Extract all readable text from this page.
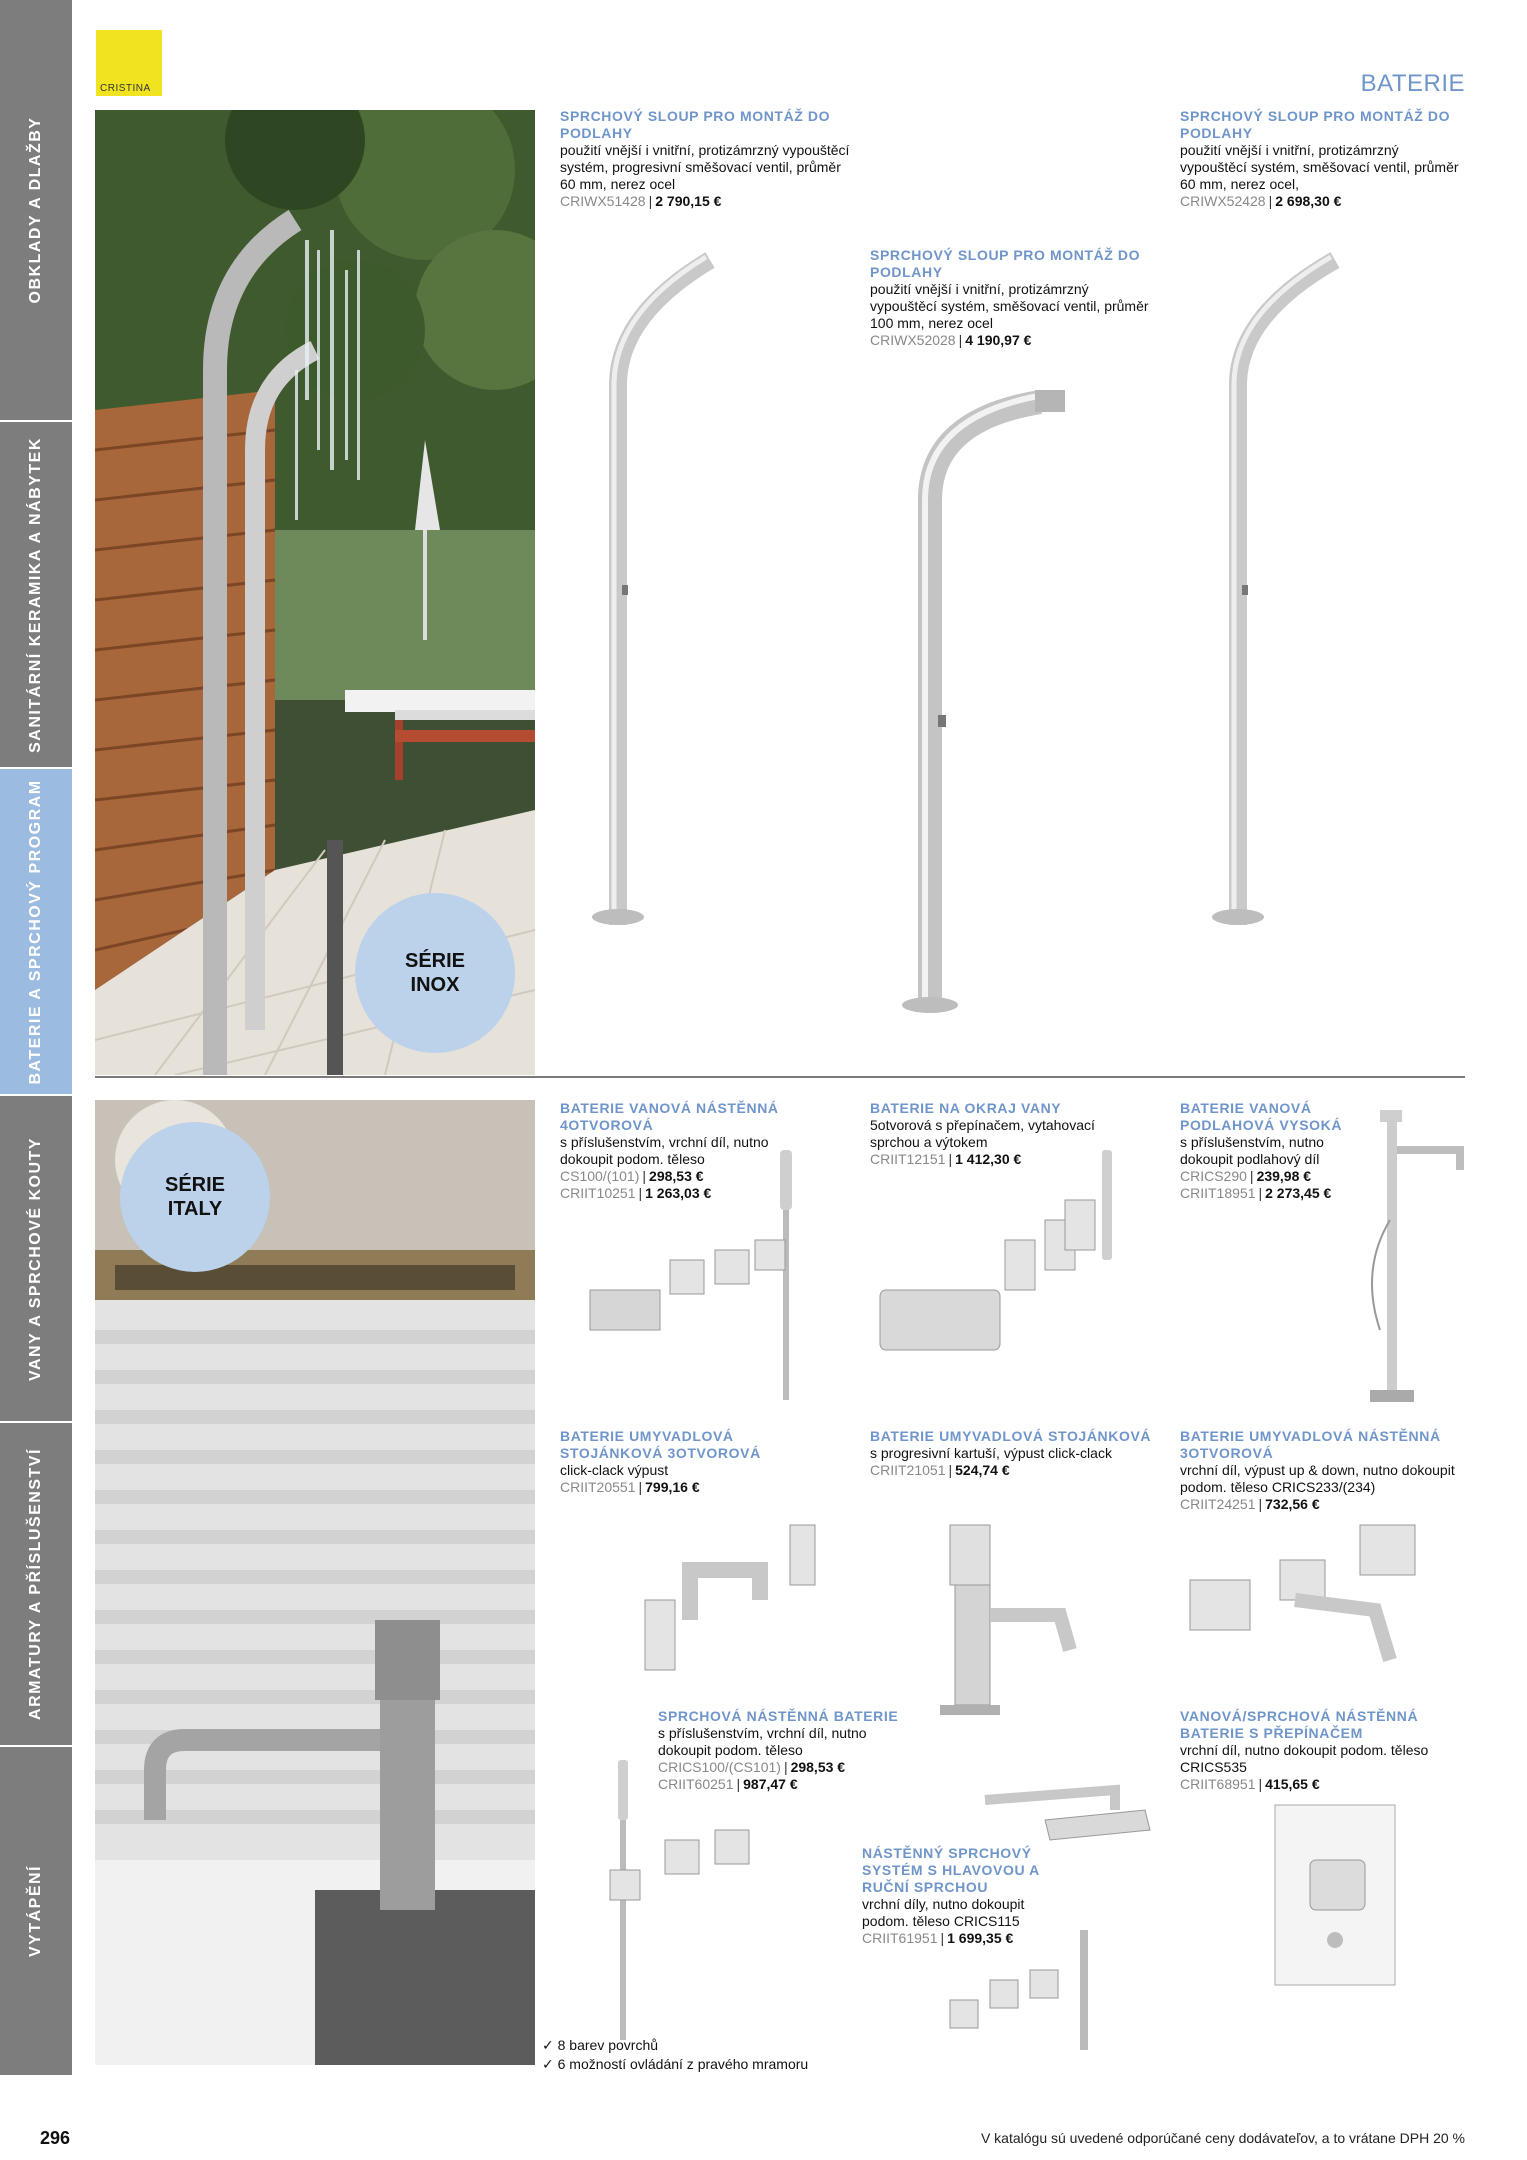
OBKLADY A DLAŽBY
SANITÁRNÍ KERAMIKA A NÁBYTEK
BATERIE A SPRCHOVÝ PROGRAM
VANY A SPRCHOVÉ KOUTY
ARMATURY A PŘÍSLUŠENSTVÍ
VYTÁPĚNÍ
CRISTINA	BATERIE
SÉRIE
INOX
SÉRIE
ITALY
SPRCHOVÝ SLOUP PRO MONTÁŽ DO PODLAHY
použití vnější i vnitřní, protizámrzný vypouštěcí systém, progresivní směšovací ventil, průměr 60 mm, nerez ocel
CRIWX51428 | 2 790,15 €
SPRCHOVÝ SLOUP PRO MONTÁŽ DO PODLAHY
použití vnější i vnitřní, protizámrzný vypouštěcí systém, směšovací ventil, průměr 100 mm, nerez ocel
CRIWX52028 | 4 190,97 €
SPRCHOVÝ SLOUP PRO MONTÁŽ DO PODLAHY
použití vnější i vnitřní, protizámrzný vypouštěcí systém, směšovací ventil, průměr 60 mm, nerez ocel,
CRIWX52428 | 2 698,30 €
BATERIE VANOVÁ NÁSTĚNNÁ 4OTVOROVÁ
s příslušenstvím, vrchní díl, nutno dokoupit podom. těleso
CS100/(101) | 298,53 €
CRIIT10251 | 1 263,03 €
BATERIE NA OKRAJ VANY
5otvorová s přepínačem, vytahovací sprchou a výtokem
CRIIT12151 | 1 412,30 €
BATERIE VANOVÁ PODLAHOVÁ VYSOKÁ
s příslušenstvím, nutno dokoupit podlahový díl
CRICS290 | 239,98 €
CRIIT18951 | 2 273,45 €
BATERIE UMYVADLOVÁ STOJÁNKOVÁ 3OTVOROVÁ
click-clack výpust
CRIIT20551 | 799,16 €
BATERIE UMYVADLOVÁ STOJÁNKOVÁ
s progresivní kartuší, výpust click-clack
CRIIT21051 | 524,74 €
BATERIE UMYVADLOVÁ NÁSTĚNNÁ 3OTVOROVÁ
vrchní díl, výpust up & down, nutno dokoupit podom. těleso CRICS233/(234)
CRIIT24251 | 732,56 €
SPRCHOVÁ NÁSTĚNNÁ BATERIE
s příslušenstvím, vrchní díl, nutno dokoupit podom. těleso
CRICS100/(CS101) | 298,53 €
CRIIT60251 | 987,47 €
VANOVÁ/SPRCHOVÁ NÁSTĚNNÁ BATERIE S PŘEPÍNAČEM
vrchní díl, nutno dokoupit podom. těleso CRICS535
CRIIT68951 | 415,65 €
NÁSTĚNNÝ SPRCHOVÝ SYSTÉM S HLAVOVOU A RUČNÍ SPRCHOU
vrchní díly, nutno dokoupit podom. těleso CRICS115
CRIIT61951 | 1 699,35 €
✓ 8 barev povrchů
✓ 6 možností ovládání z pravého mramoru
296	V katalógu sú uvedené odporúčané ceny dodávateľov, a to vrátane DPH 20 %
